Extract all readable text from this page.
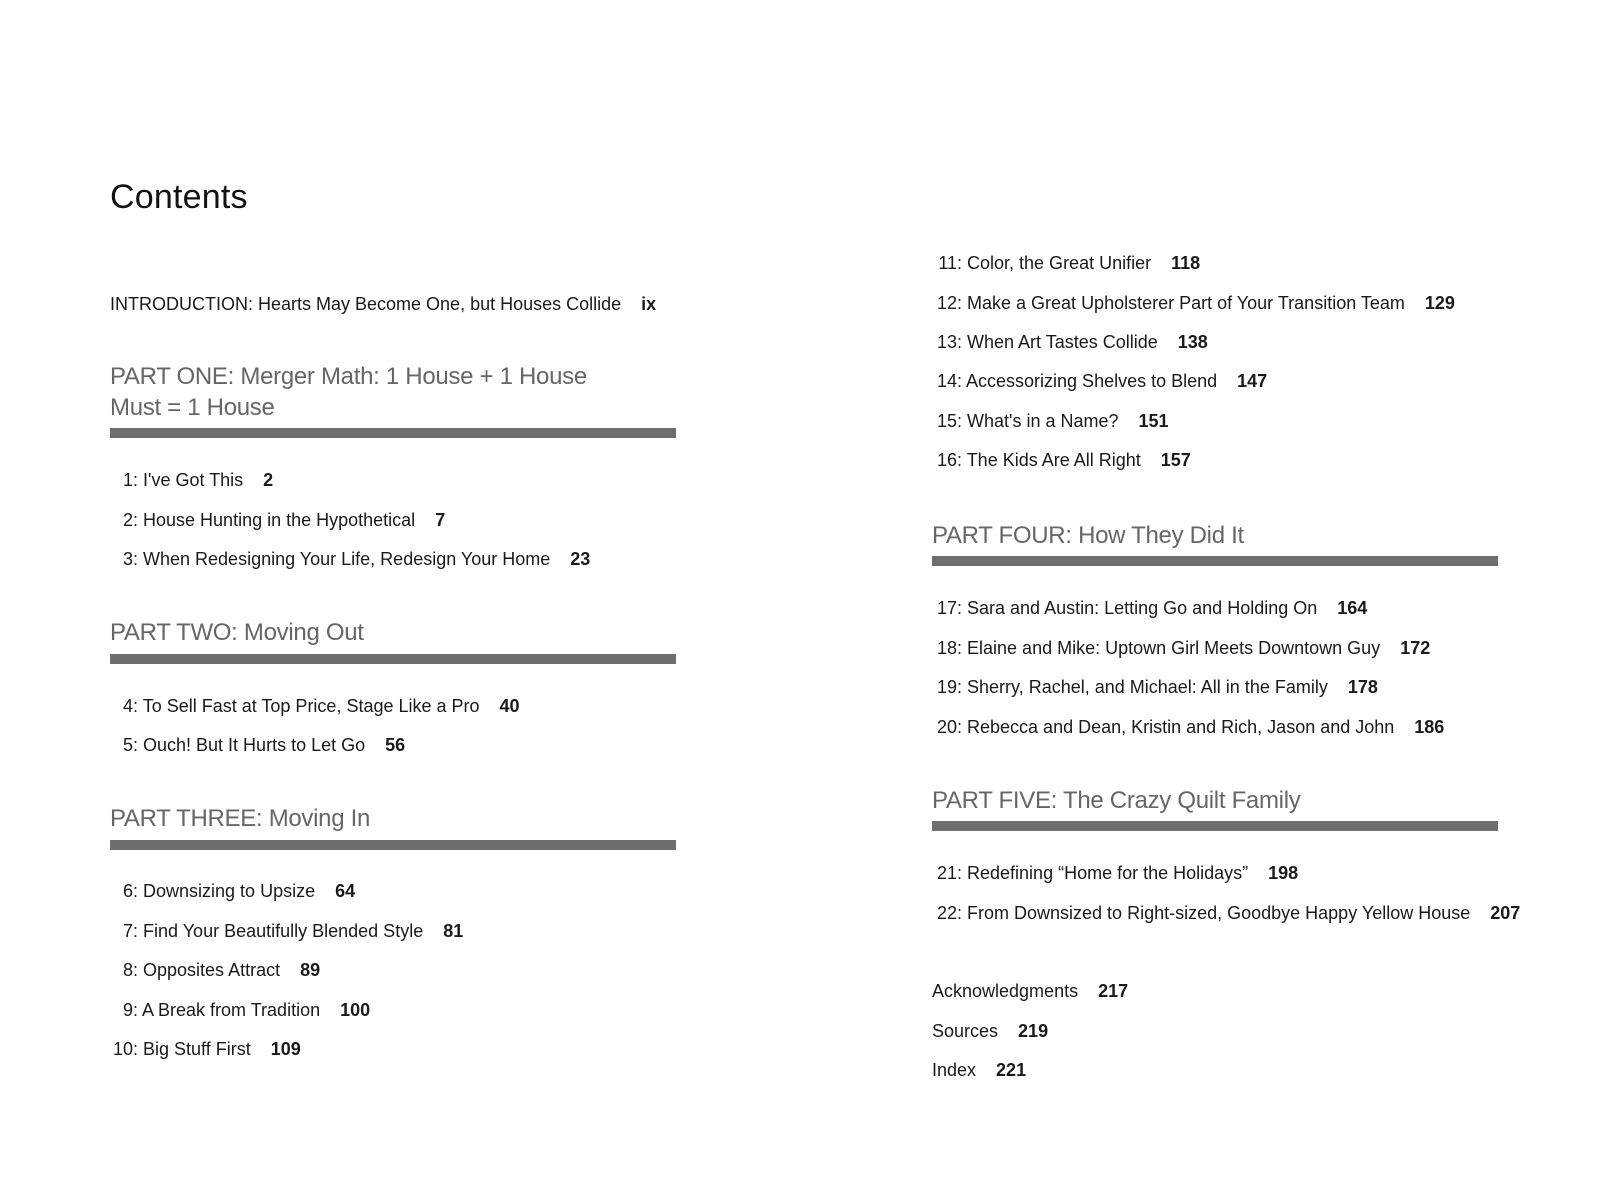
Contents
INTRODUCTION: Hearts May Become One, but Houses Collide ix
PART ONE: Merger Math: 1 House + 1 House
Must = 1 House
1: I've Got This 2
2: House Hunting in the Hypothetical 7
3: When Redesigning Your Life, Redesign Your Home 23
PART TWO: Moving Out
4: To Sell Fast at Top Price, Stage Like a Pro 40
5: Ouch! But It Hurts to Let Go 56
PART THREE: Moving In
6: Downsizing to Upsize 64
7: Find Your Beautifully Blended Style 81
8: Opposites Attract 89
9: A Break from Tradition 100
10: Big Stuff First 109
11: Color, the Great Unifier 118
12: Make a Great Upholsterer Part of Your Transition Team 129
13: When Art Tastes Collide 138
14: Accessorizing Shelves to Blend 147
15: What's in a Name? 151
16: The Kids Are All Right 157
PART FOUR: How They Did It
17: Sara and Austin: Letting Go and Holding On 164
18: Elaine and Mike: Uptown Girl Meets Downtown Guy 172
19: Sherry, Rachel, and Michael: All in the Family 178
20: Rebecca and Dean, Kristin and Rich, Jason and John 186
PART FIVE: The Crazy Quilt Family
21: Redefining “Home for the Holidays” 198
22: From Downsized to Right-sized, Goodbye Happy Yellow House 207
Acknowledgments 217
Sources 219
Index 221
